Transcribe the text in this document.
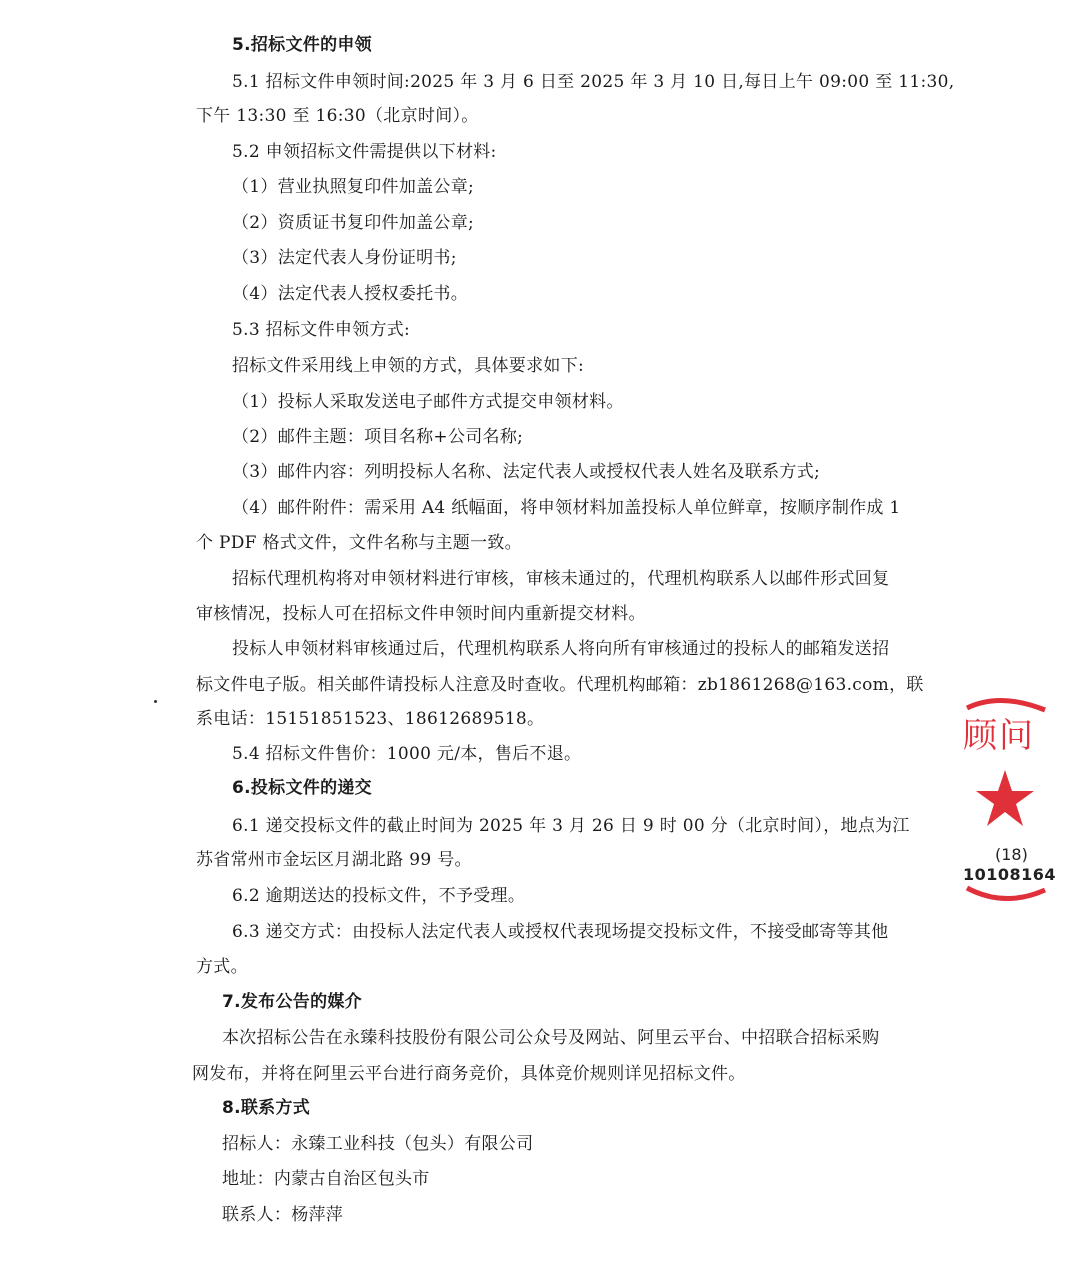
5.招标文件的申领
5.1 招标文件申领时间:2025 年 3 月 6 日至 2025 年 3 月 10 日,每日上午 09:00 至 11:30,
下午 13:30 至 16:30（北京时间）。
5.2 申领招标文件需提供以下材料:
（1）营业执照复印件加盖公章;
（2）资质证书复印件加盖公章;
（3）法定代表人身份证明书;
（4）法定代表人授权委托书。
5.3 招标文件申领方式:
招标文件采用线上申领的方式，具体要求如下:
（1）投标人采取发送电子邮件方式提交申领材料。
（2）邮件主题：项目名称+公司名称;
（3）邮件内容：列明投标人名称、法定代表人或授权代表人姓名及联系方式;
（4）邮件附件：需采用 A4 纸幅面，将申领材料加盖投标人单位鲜章，按顺序制作成 1
个 PDF 格式文件，文件名称与主题一致。
招标代理机构将对申领材料进行审核，审核未通过的，代理机构联系人以邮件形式回复
审核情况，投标人可在招标文件申领时间内重新提交材料。
投标人申领材料审核通过后，代理机构联系人将向所有审核通过的投标人的邮箱发送招
标文件电子版。相关邮件请投标人注意及时查收。代理机构邮箱：zb1861268@163.com，联
系电话：15151851523、18612689518。
5.4 招标文件售价：1000 元/本，售后不退。
6.投标文件的递交
6.1 递交投标文件的截止时间为 2025 年 3 月 26 日 9 时 00 分（北京时间），地点为江
苏省常州市金坛区月湖北路 99 号。
6.2 逾期送达的投标文件，不予受理。
6.3 递交方式：由投标人法定代表人或授权代表现场提交投标文件，不接受邮寄等其他
方式。
7.发布公告的媒介
本次招标公告在永臻科技股份有限公司公众号及网站、阿里云平台、中招联合招标采购
网发布，并将在阿里云平台进行商务竞价，具体竞价规则详见招标文件。
8.联系方式
招标人：永臻工业科技（包头）有限公司
地址：内蒙古自治区包头市
联系人：杨萍萍
顾问
(18)
10108164
